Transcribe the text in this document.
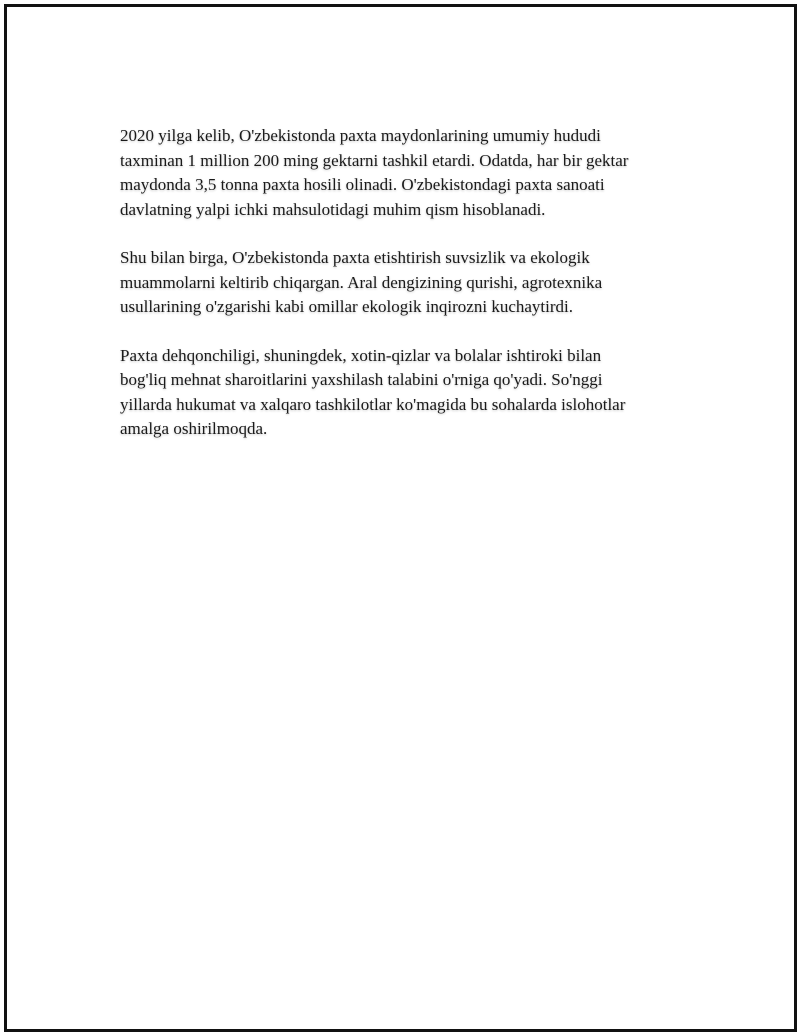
2020 yilga kelib, O'zbekistonda paxta maydonlarining umumiy hududi
taxminan 1 million 200 ming gektarni tashkil etardi. Odatda, har bir gektar
maydonda 3,5 tonna paxta hosili olinadi. O'zbekistondagi paxta sanoati
davlatning yalpi ichki mahsulotidagi muhim qism hisoblanadi.

Shu bilan birga, O'zbekistonda paxta etishtirish suvsizlik va ekologik
muammolarni keltirib chiqargan. Aral dengizining qurishi, agrotexnika
usullarining o'zgarishi kabi omillar ekologik inqirozni kuchaytirdi.

Paxta dehqonchiligi, shuningdek, xotin-qizlar va bolalar ishtiroki bilan
bog'liq mehnat sharoitlarini yaxshilash talabini o'rniga qo'yadi. So'nggi
yillarda hukumat va xalqaro tashkilotlar ko'magida bu sohalarda islohotlar
amalga oshirilmoqda.
